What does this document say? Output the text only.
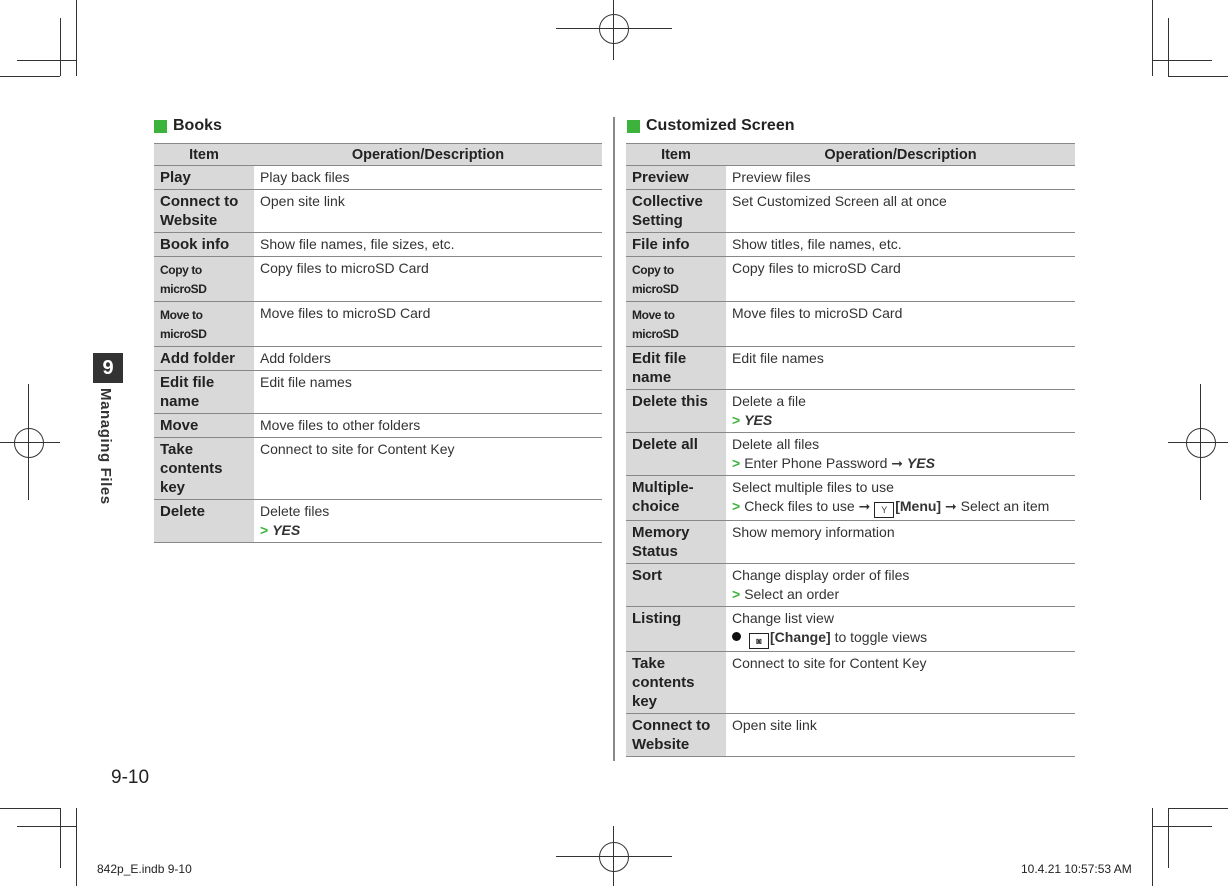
9
Managing Files
Books
Item	Operation/Description
Play	Play back files

Connect to Website	Open site link

Book info	Show file names, file sizes, etc.

Copy to microSD	Copy files to microSD Card

Move to microSD	Move files to microSD Card

Add folder	Add folders

Edit file name	Edit file names

Move	Move files to other folders

Take contents key	Connect to site for Content Key

Delete	Delete files
> YES
Customized Screen
Item	Operation/Description
Preview	Preview files

Collective Setting	Set Customized Screen all at once

File info	Show titles, file names, etc.

Copy to microSD	Copy files to microSD Card

Move to microSD	Move files to microSD Card

Edit file name	Edit file names

Delete this	Delete a file
> YES

Delete all	Delete all files
> Enter Phone Password ➞ YES

Multiple-choice	Select multiple files to use
> Check files to use ➞ Y [Menu] ➞ Select an item

Memory Status	Show memory information

Sort	Change display order of files
> Select an order

Listing	Change list view
◙ [Change] to toggle views

Take contents key	Connect to site for Content Key

Connect to Website	Open site link
9-10
842p_E.indb 9-10	10.4.21 10:57:53 AM
